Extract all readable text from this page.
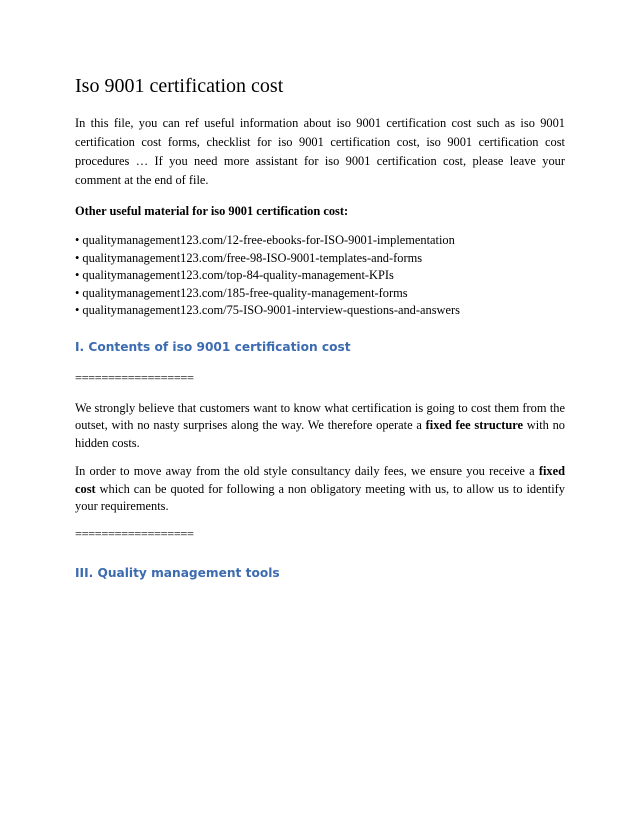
Iso 9001 certification cost

In this file, you can ref useful information about iso 9001 certification cost such as iso 9001 certification cost forms, checklist for iso 9001 certification cost, iso 9001 certification cost procedures … If you need more assistant for iso 9001 certification cost, please leave your comment at the end of file.

Other useful material for iso 9001 certification cost:

• qualitymanagement123.com/12-free-ebooks-for-ISO-9001-implementation
• qualitymanagement123.com/free-98-ISO-9001-templates-and-forms
• qualitymanagement123.com/top-84-quality-management-KPIs
• qualitymanagement123.com/185-free-quality-management-forms
• qualitymanagement123.com/75-ISO-9001-interview-questions-and-answers
I. Contents of iso 9001 certification cost

==================

We strongly believe that customers want to know what certification is going to cost them from the outset, with no nasty surprises along the way. We therefore operate a fixed fee structure with no hidden costs.

In order to move away from the old style consultancy daily fees, we ensure you receive a fixed cost which can be quoted for following a non obligatory meeting with us, to allow us to identify your requirements.

==================

III. Quality management tools
